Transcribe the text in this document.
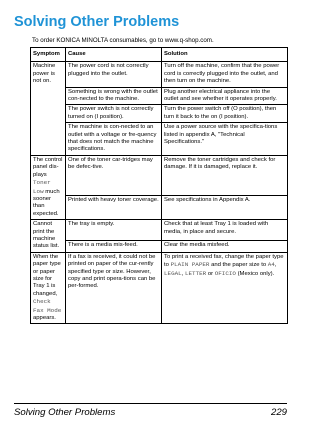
Solving Other Problems
To order KONICA MINOLTA consumables, go to www.q-shop.com.
Symptom	Cause	Solution
Machine power is not on.	The power cord is not correctly plugged into the outlet.	Turn off the machine, confirm that the power cord is correctly plugged into the outlet, and then turn on the machine.
	Something is wrong with the outlet con-nected to the machine.	Plug another electrical appliance into the outlet and see whether it operates properly.
	The power switch is not correctly turned on (I position).	Turn the power switch off (O position), then turn it back to the on (I position).
	The machine is con-nected to an outlet with a voltage or fre-quency that does not match the machine specifications.	Use a power source with the specifica-tions listed in appendix A, "Technical Specifications."
The control panel dis-plays Toner Low much sooner than expected.	One of the toner car-tridges may be defec-tive.	Remove the toner cartridges and check for damage. If it is damaged, replace it.
	Printed with heavy toner coverage.	See specifications in Appendix A.
Cannot print the machine status list.	The tray is empty.	Check that at least Tray 1 is loaded with media, in place and secure.
	There is a media mis-feed.	Clear the media misfeed.
When the paper type or paper size for Tray 1 is changed, Check Fax Mode appears.	If a fax is received, it could not be printed on paper of the cur-rently specified type or size. However, copy and print opera-tions can be per-formed.	To print a received fax, change the paper type to PLAIN PAPER and the paper size to A4, LEGAL, LETTER or OFICIO (Mexico only).
Solving Other Problems	229
